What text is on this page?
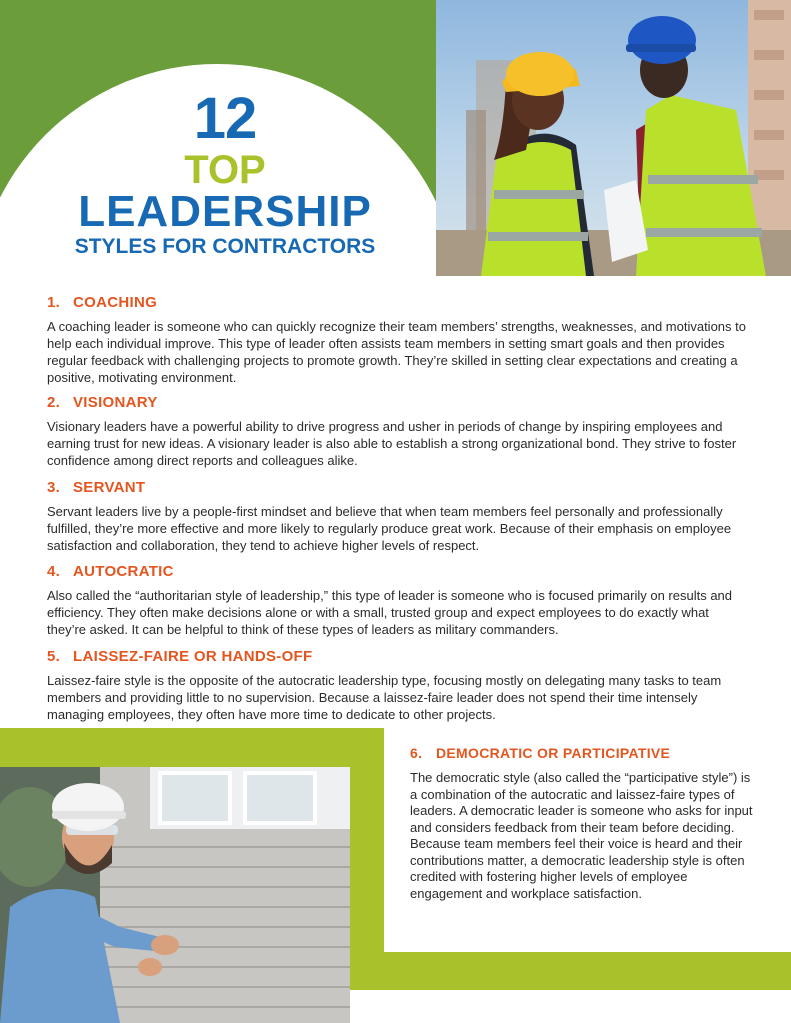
12
TOP
LEADERSHIP
STYLES FOR CONTRACTORS
1. COACHING

A coaching leader is someone who can quickly recognize their team members’ strengths, weaknesses, and motivations to help each individual improve. This type of leader often assists team members in setting smart goals and then provides regular feedback with challenging projects to promote growth. They’re skilled in setting clear expectations and creating a positive, motivating environment.

2. VISIONARY

Visionary leaders have a powerful ability to drive progress and usher in periods of change by inspiring employees and earning trust for new ideas. A visionary leader is also able to establish a strong organizational bond. They strive to foster confidence among direct reports and colleagues alike.

3. SERVANT

Servant leaders live by a people-first mindset and believe that when team members feel personally and professionally fulfilled, they’re more effective and more likely to regularly produce great work. Because of their emphasis on employee satisfaction and collaboration, they tend to achieve higher levels of respect.

4. AUTOCRATIC

Also called the “authoritarian style of leadership,” this type of leader is someone who is focused primarily on results and efficiency. They often make decisions alone or with a small, trusted group and expect employees to do exactly what they’re asked. It can be helpful to think of these types of leaders as military commanders.

5. LAISSEZ-FAIRE OR HANDS-OFF

Laissez-faire style is the opposite of the autocratic leadership type, focusing mostly on delegating many tasks to team members and providing little to no supervision. Because a laissez-faire leader does not spend their time intensely managing employees, they often have more time to dedicate to other projects.

6. DEMOCRATIC OR PARTICIPATIVE

The democratic style (also called the “participative style”) is a combination of the autocratic and laissez-faire types of leaders. A democratic leader is someone who asks for input and considers feedback from their team before deciding. Because team members feel their voice is heard and their contributions matter, a democratic leadership style is often credited with fostering higher levels of employee engagement and workplace satisfaction.
